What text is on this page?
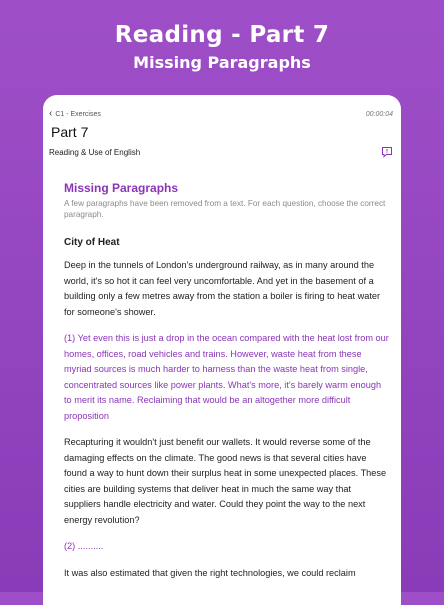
Reading - Part 7
Missing Paragraphs
‹ C1 - Exercises	00:00:04
Part 7
Reading & Use of English
Missing Paragraphs
A few paragraphs have been removed from a text. For each question, choose the correct paragraph.
City of Heat
Deep in the tunnels of London's underground railway, as in many around the world, it's so hot it can feel very uncomfortable. And yet in the basement of a building only a few metres away from the station a boiler is firing to heat water for someone's shower.
(1) Yet even this is just a drop in the ocean compared with the heat lost from our homes, offices, road vehicles and trains. However, waste heat from these myriad sources is much harder to harness than the waste heat from single, concentrated sources like power plants. What's more, it's barely warm enough to merit its name. Reclaiming that would be an altogether more difficult proposition
Recapturing it wouldn't just benefit our wallets. It would reverse some of the damaging effects on the climate. The good news is that several cities have found a way to hunt down their surplus heat in some unexpected places. These cities are building systems that deliver heat in much the same way that suppliers handle electricity and water. Could they point the way to the next energy revolution?
(2) ..........
It was also estimated that given the right technologies, we could reclaim
